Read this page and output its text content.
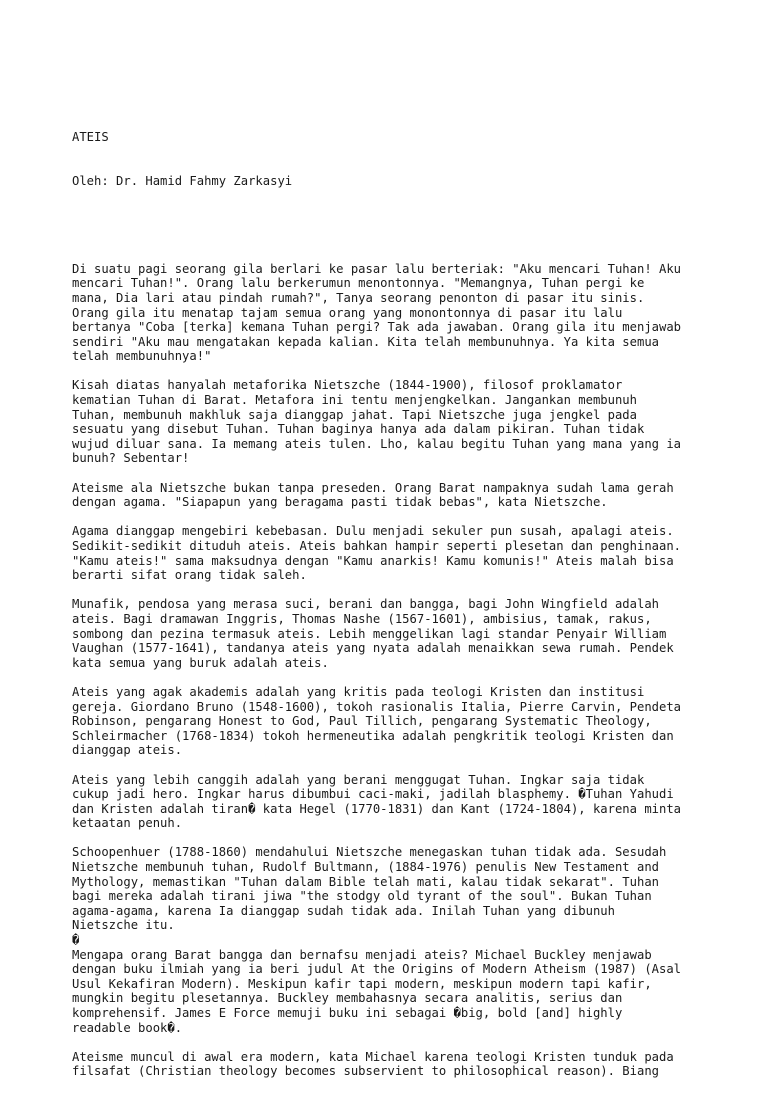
ATEIS

Oleh: Dr. Hamid Fahmy Zarkasyi

Di suatu pagi seorang gila berlari ke pasar lalu berteriak: "Aku mencari Tuhan! Aku
mencari Tuhan!". Orang lalu berkerumun menontonnya. "Memangnya, Tuhan pergi ke
mana, Dia lari atau pindah rumah?", Tanya seorang penonton di pasar itu sinis.
Orang gila itu menatap tajam semua orang yang monontonnya di pasar itu lalu
bertanya "Coba [terka] kemana Tuhan pergi? Tak ada jawaban. Orang gila itu menjawab
sendiri "Aku mau mengatakan kepada kalian. Kita telah membunuhnya. Ya kita semua
telah membunuhnya!"
Kisah diatas hanyalah metaforika Nietszche (1844-1900), filosof proklamator
kematian Tuhan di Barat. Metafora ini tentu menjengkelkan. Jangankan membunuh
Tuhan, membunuh makhluk saja dianggap jahat. Tapi Nietszche juga jengkel pada
sesuatu yang disebut Tuhan. Tuhan baginya hanya ada dalam pikiran. Tuhan tidak
wujud diluar sana. Ia memang ateis tulen. Lho, kalau begitu Tuhan yang mana yang ia
bunuh? Sebentar!
Ateisme ala Nietszche bukan tanpa preseden. Orang Barat nampaknya sudah lama gerah
dengan agama. "Siapapun yang beragama pasti tidak bebas", kata Nietszche.
Agama dianggap mengebiri kebebasan. Dulu menjadi sekuler pun susah, apalagi ateis.
Sedikit-sedikit dituduh ateis. Ateis bahkan hampir seperti plesetan dan penghinaan.
"Kamu ateis!" sama maksudnya dengan "Kamu anarkis! Kamu komunis!" Ateis malah bisa
berarti sifat orang tidak saleh.
Munafik, pendosa yang merasa suci, berani dan bangga, bagi John Wingfield adalah
ateis. Bagi dramawan Inggris, Thomas Nashe (1567-1601), ambisius, tamak, rakus,
sombong dan pezina termasuk ateis. Lebih menggelikan lagi standar Penyair William
Vaughan (1577-1641), tandanya ateis yang nyata adalah menaikkan sewa rumah. Pendek
kata semua yang buruk adalah ateis.
Ateis yang agak akademis adalah yang kritis pada teologi Kristen dan institusi
gereja. Giordano Bruno (1548-1600), tokoh rasionalis Italia, Pierre Carvin, Pendeta
Robinson, pengarang Honest to God, Paul Tillich, pengarang Systematic Theology,
Schleirmacher (1768-1834) tokoh hermeneutika adalah pengkritik teologi Kristen dan
dianggap ateis.
Ateis yang lebih canggih adalah yang berani menggugat Tuhan. Ingkar saja tidak
cukup jadi hero. Ingkar harus dibumbui caci-maki, jadilah blasphemy. �Tuhan Yahudi
dan Kristen adalah tiran� kata Hegel (1770-1831) dan Kant (1724-1804), karena minta
ketaatan penuh.
Schoopenhuer (1788-1860) mendahului Nietszche menegaskan tuhan tidak ada. Sesudah
Nietszche membunuh tuhan, Rudolf Bultmann, (1884-1976) penulis New Testament and
Mythology, memastikan "Tuhan dalam Bible telah mati, kalau tidak sekarat". Tuhan
bagi mereka adalah tirani jiwa "the stodgy old tyrant of the soul". Bukan Tuhan
agama-agama, karena Ia dianggap sudah tidak ada. Inilah Tuhan yang dibunuh
Nietszche itu.
�
Mengapa orang Barat bangga dan bernafsu menjadi ateis? Michael Buckley menjawab
dengan buku ilmiah yang ia beri judul At the Origins of Modern Atheism (1987) (Asal
Usul Kekafiran Modern). Meskipun kafir tapi modern, meskipun modern tapi kafir,
mungkin begitu plesetannya. Buckley membahasnya secara analitis, serius dan
komprehensif. James E Force memuji buku ini sebagai �big, bold [and] highly
readable book�.
Ateisme muncul di awal era modern, kata Michael karena teologi Kristen tunduk pada
filsafat (Christian theology becomes subservient to philosophical reason). Biang
